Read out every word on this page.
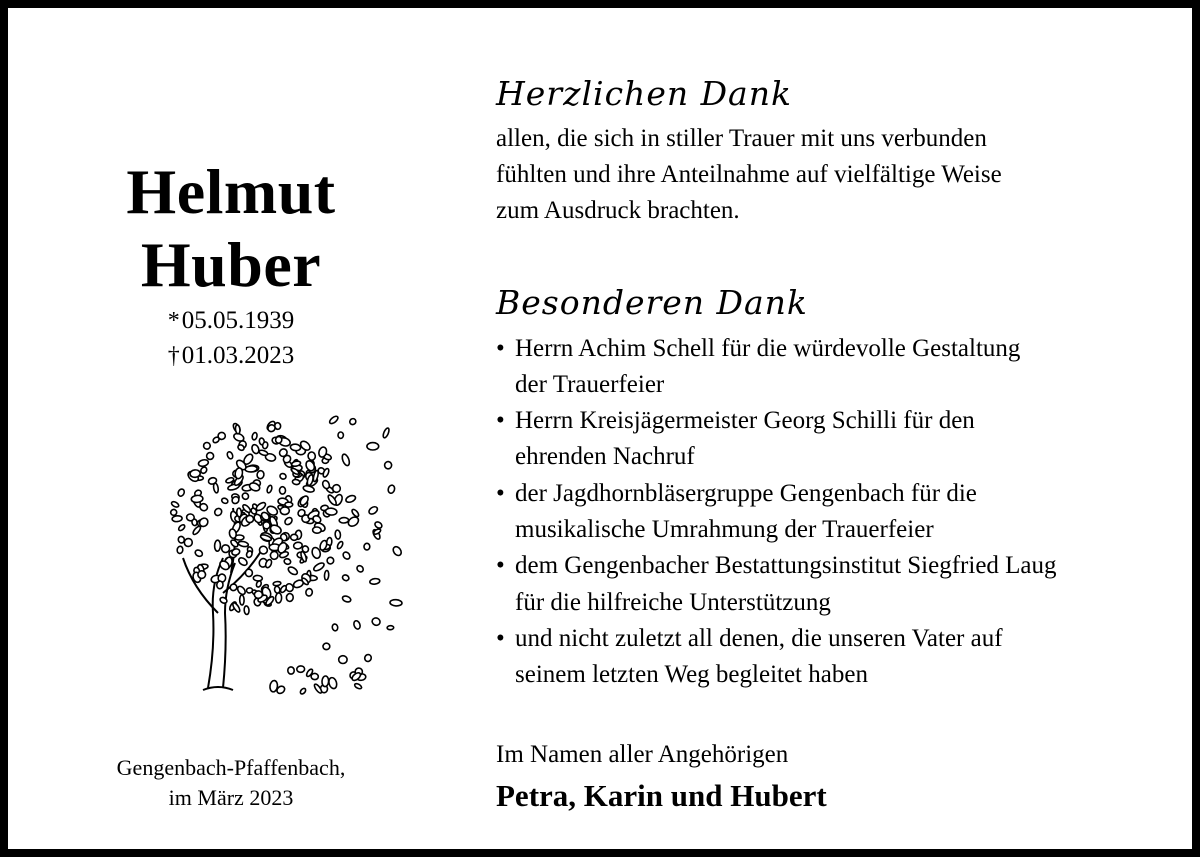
Helmut
Huber
*05.05.1939
†01.03.2023
Gengenbach-Pfaffenbach,
im März 2023
Herzlichen Dank
allen, die sich in stiller Trauer mit uns verbunden
fühlten und ihre Anteilnahme auf vielfältige Weise
zum Ausdruck brachten.
Besonderen Dank
• Herrn Achim Schell für die würdevolle Gestaltung
der Trauerfeier
• Herrn Kreisjägermeister Georg Schilli für den
ehrenden Nachruf
• der Jagdhornbläsergruppe Gengenbach für die
musikalische Umrahmung der Trauerfeier
• dem Gengenbacher Bestattungsinstitut Siegfried Laug
für die hilfreiche Unterstützung
• und nicht zuletzt all denen, die unseren Vater auf
seinem letzten Weg begleitet haben
Im Namen aller Angehörigen
Petra, Karin und Hubert
